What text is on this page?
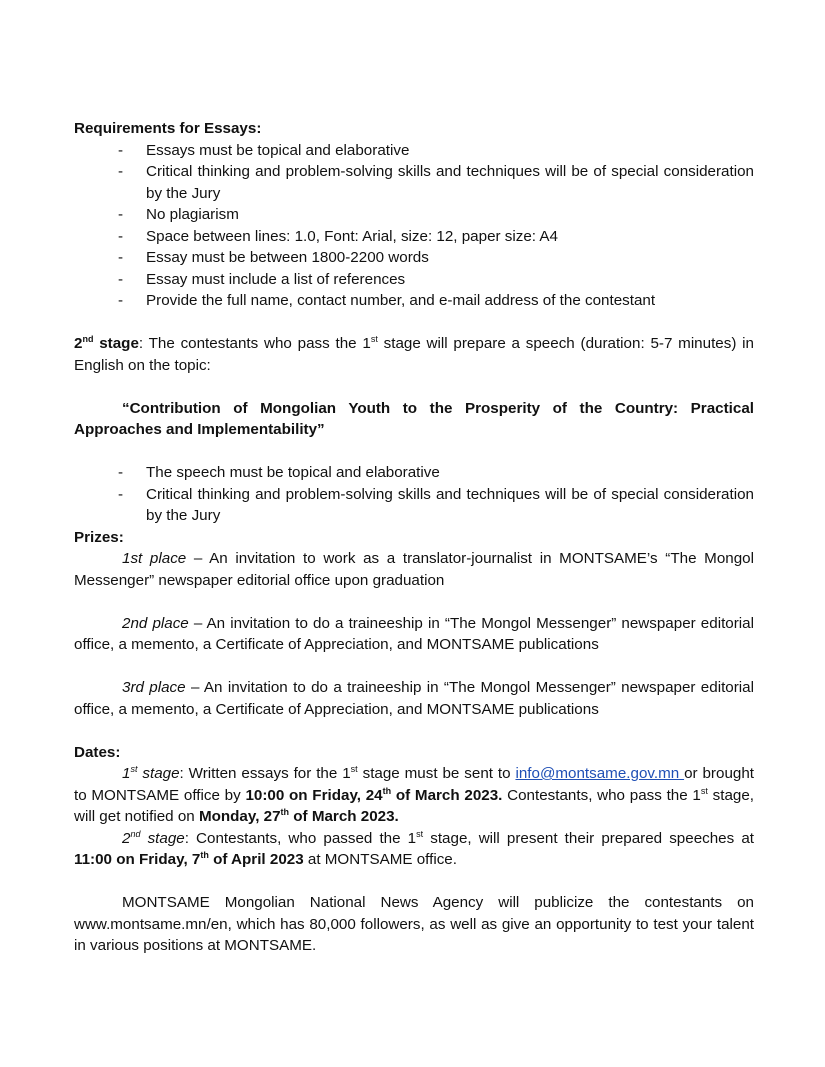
Requirements for Essays:

- Essays must be topical and elaborative
- Critical thinking and problem-solving skills and techniques will be of special consideration by the Jury
- No plagiarism
- Space between lines: 1.0, Font: Arial, size: 12, paper size: A4
- Essay must be between 1800-2200 words
- Essay must include a list of references
- Provide the full name, contact number, and e-mail address of the contestant

2nd stage: The contestants who pass the 1st stage will prepare a speech (duration: 5-7 minutes) in English on the topic:

“Contribution of Mongolian Youth to the Prosperity of the Country: Practical Approaches and Implementability”

- The speech must be topical and elaborative
- Critical thinking and problem-solving skills and techniques will be of special consideration by the Jury

Prizes:

1st place – An invitation to work as a translator-journalist in MONTSAME’s “The Mongol Messenger” newspaper editorial office upon graduation

2nd place – An invitation to do a traineeship in “The Mongol Messenger” newspaper editorial office, a memento, a Certificate of Appreciation, and MONTSAME publications

3rd place – An invitation to do a traineeship in “The Mongol Messenger” newspaper editorial office, a memento, a Certificate of Appreciation, and MONTSAME publications

Dates:

1st stage: Written essays for the 1st stage must be sent to info@montsame.gov.mn or brought to MONTSAME office by 10:00 on Friday, 24th of March 2023. Contestants, who pass the 1st stage, will get notified on Monday, 27th of March 2023.

2nd stage: Contestants, who passed the 1st stage, will present their prepared speeches at 11:00 on Friday, 7th of April 2023 at MONTSAME office.

MONTSAME Mongolian National News Agency will publicize the contestants on www.montsame.mn/en, which has 80,000 followers, as well as give an opportunity to test your talent in various positions at MONTSAME.
